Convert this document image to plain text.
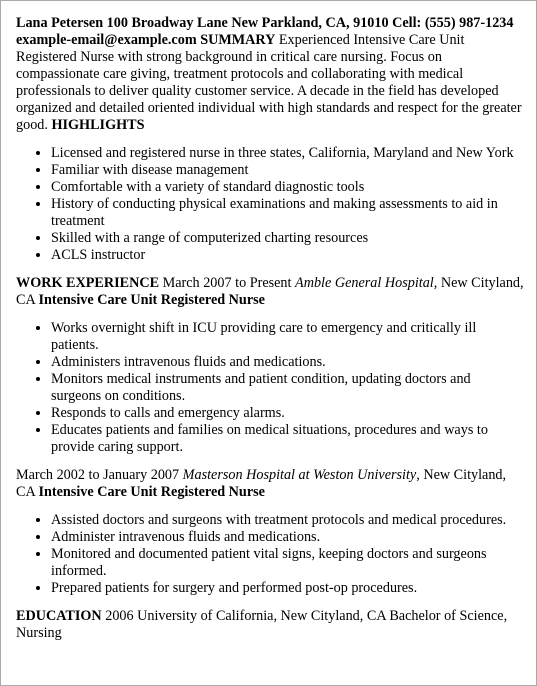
Lana Petersen 100 Broadway Lane New Parkland, CA, 91010 Cell: (555) 987-1234 example-email@example.com SUMMARY Experienced Intensive Care Unit Registered Nurse with strong background in critical care nursing. Focus on compassionate care giving, treatment protocols and collaborating with medical professionals to deliver quality customer service. A decade in the field has developed organized and detailed oriented individual with high standards and respect for the greater good. HIGHLIGHTS

• Licensed and registered nurse in three states, California, Maryland and New York
• Familiar with disease management
• Comfortable with a variety of standard diagnostic tools
• History of conducting physical examinations and making assessments to aid in treatment
• Skilled with a range of computerized charting resources
• ACLS instructor

WORK EXPERIENCE March 2007 to Present Amble General Hospital, New Cityland, CA Intensive Care Unit Registered Nurse

• Works overnight shift in ICU providing care to emergency and critically ill patients.
• Administers intravenous fluids and medications.
• Monitors medical instruments and patient condition, updating doctors and surgeons on conditions.
• Responds to calls and emergency alarms.
• Educates patients and families on medical situations, procedures and ways to provide caring support.

March 2002 to January 2007 Masterson Hospital at Weston University, New Cityland, CA Intensive Care Unit Registered Nurse

• Assisted doctors and surgeons with treatment protocols and medical procedures.
• Administer intravenous fluids and medications.
• Monitored and documented patient vital signs, keeping doctors and surgeons informed.
• Prepared patients for surgery and performed post-op procedures.

EDUCATION 2006 University of California, New Cityland, CA Bachelor of Science, Nursing
